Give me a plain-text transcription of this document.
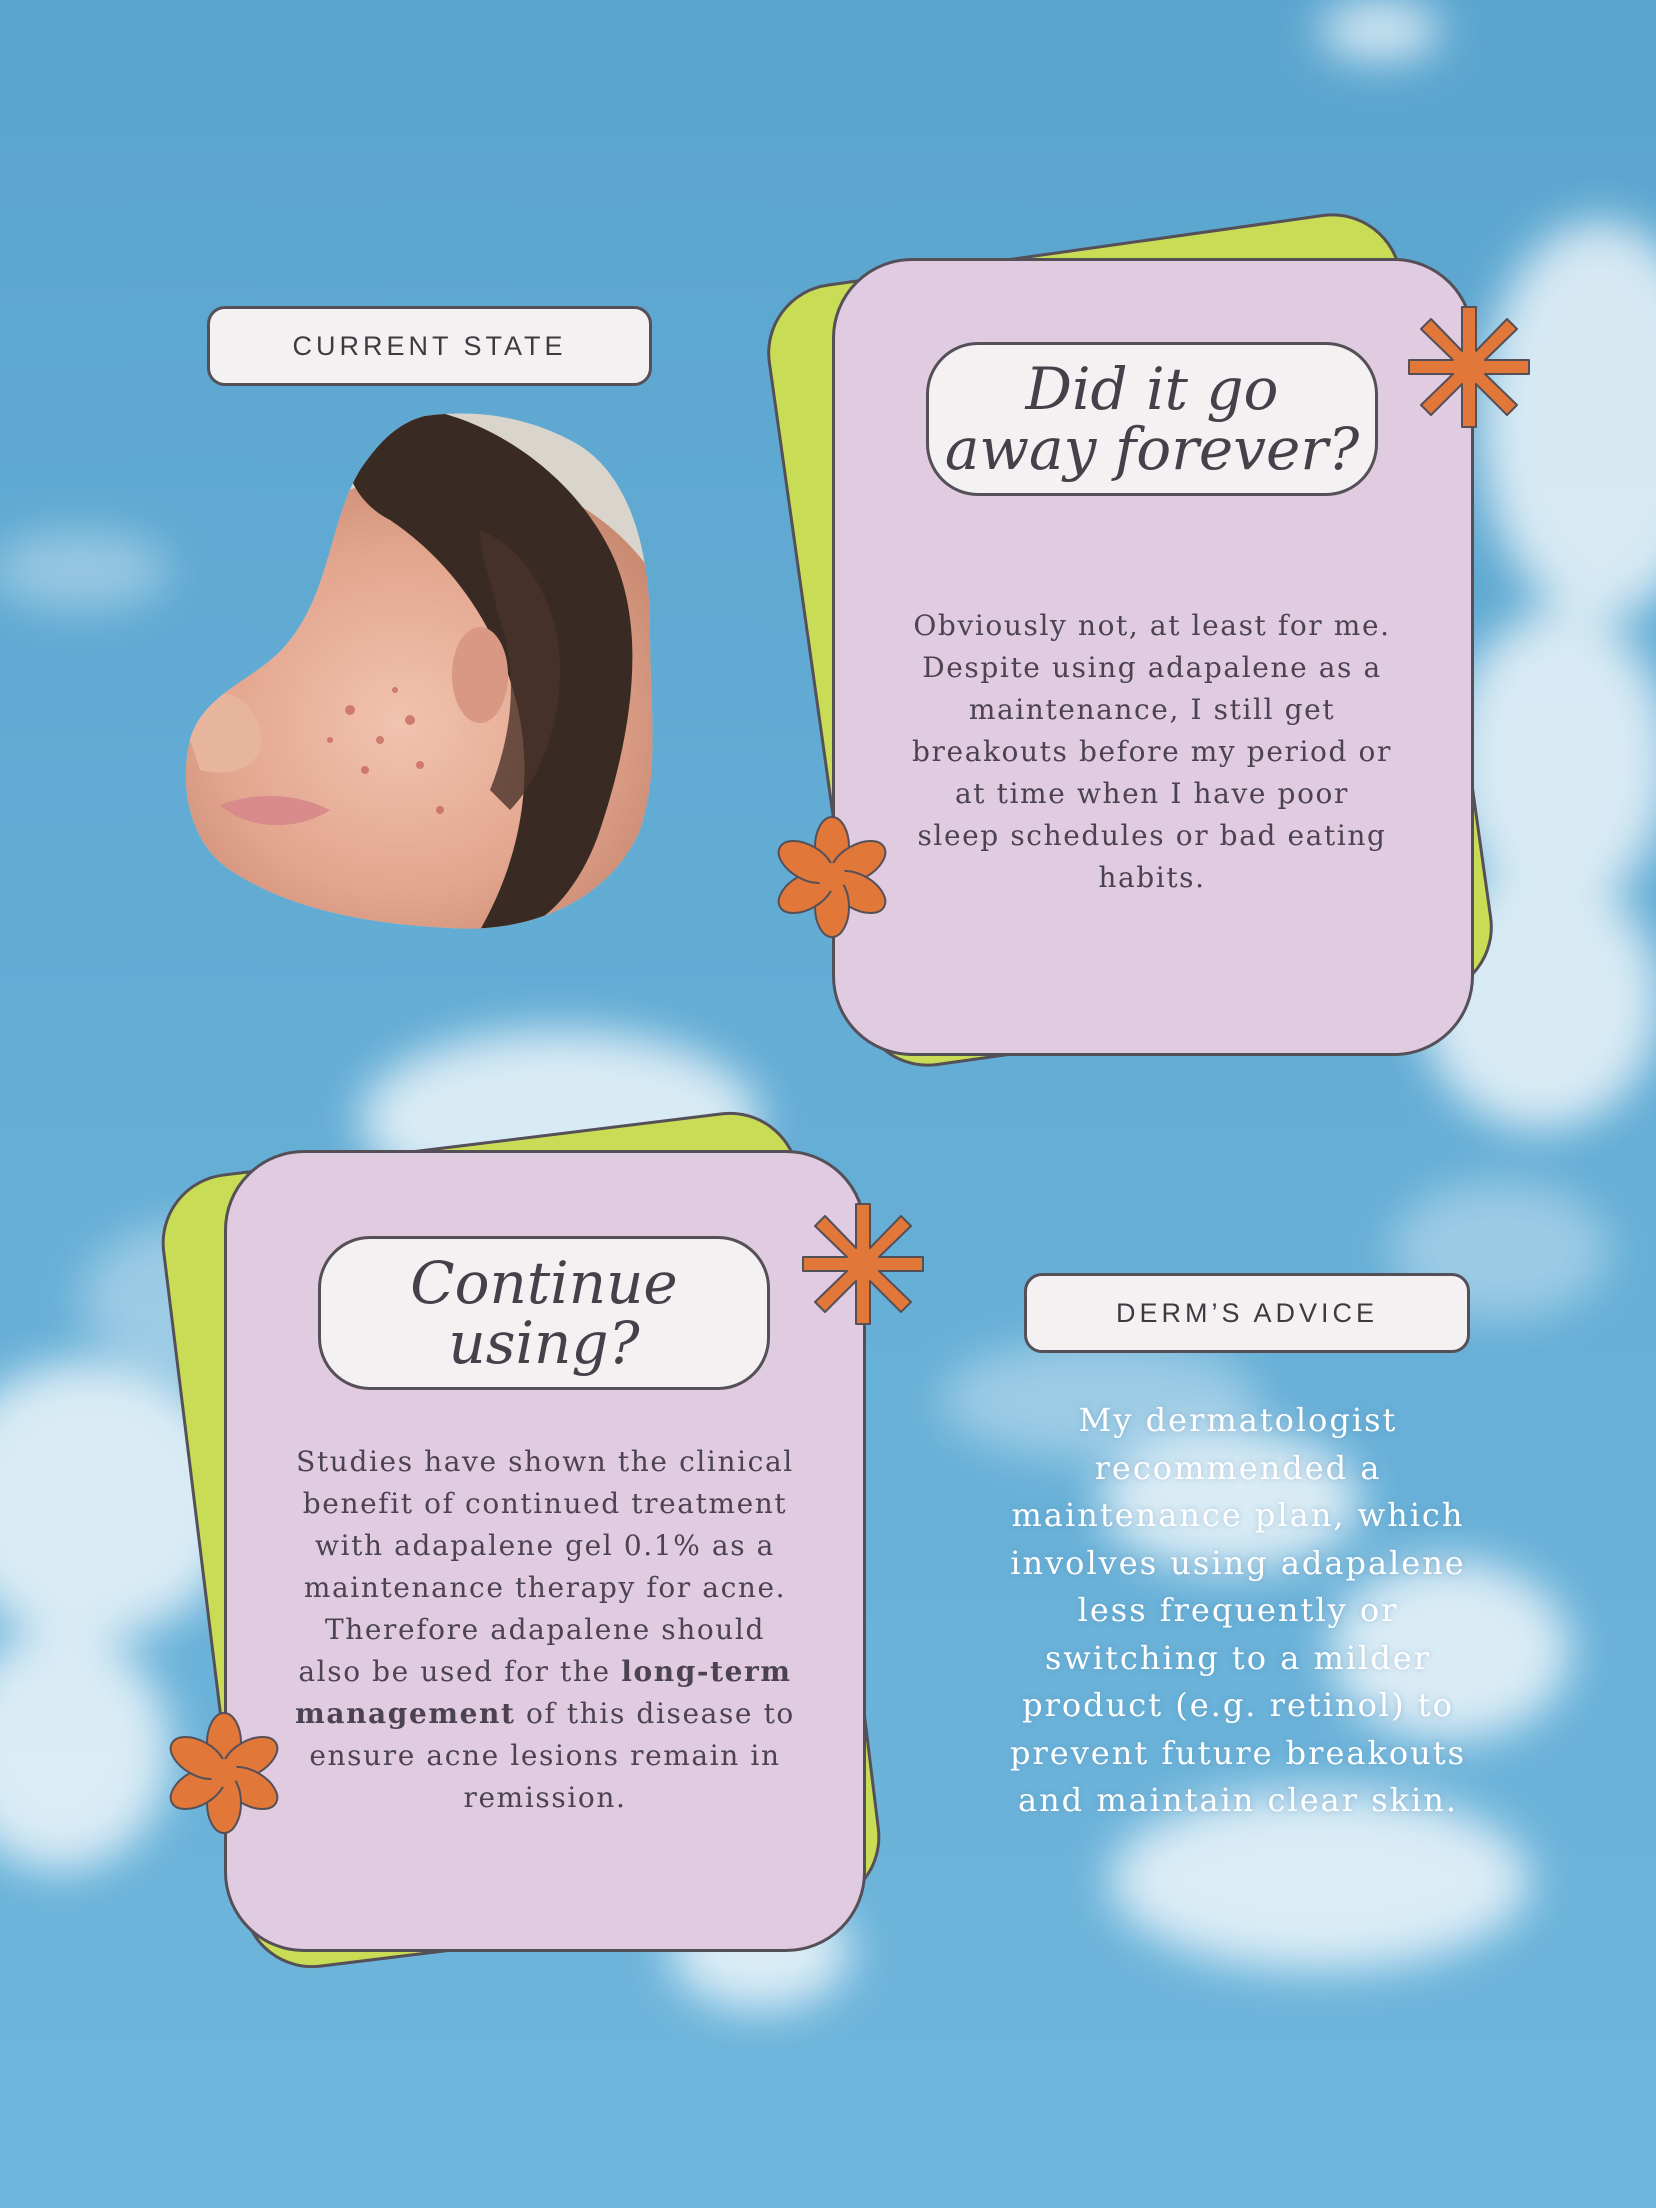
CURRENT STATE
Did it go
away forever?
Obviously not, at least for me. Despite using adapalene as a maintenance, I still get breakouts before my period or at time when I have poor sleep schedules or bad eating habits.
Continue
using?
Studies have shown the clinical benefit of continued treatment with adapalene gel 0.1% as a maintenance therapy for acne. Therefore adapalene should also be used for the long-term management of this disease to ensure acne lesions remain in remission.
DERM’S ADVICE
My dermatologist recommended a maintenance plan, which involves using adapalene less frequently or switching to a milder product (e.g. retinol) to prevent future breakouts and maintain clear skin.
